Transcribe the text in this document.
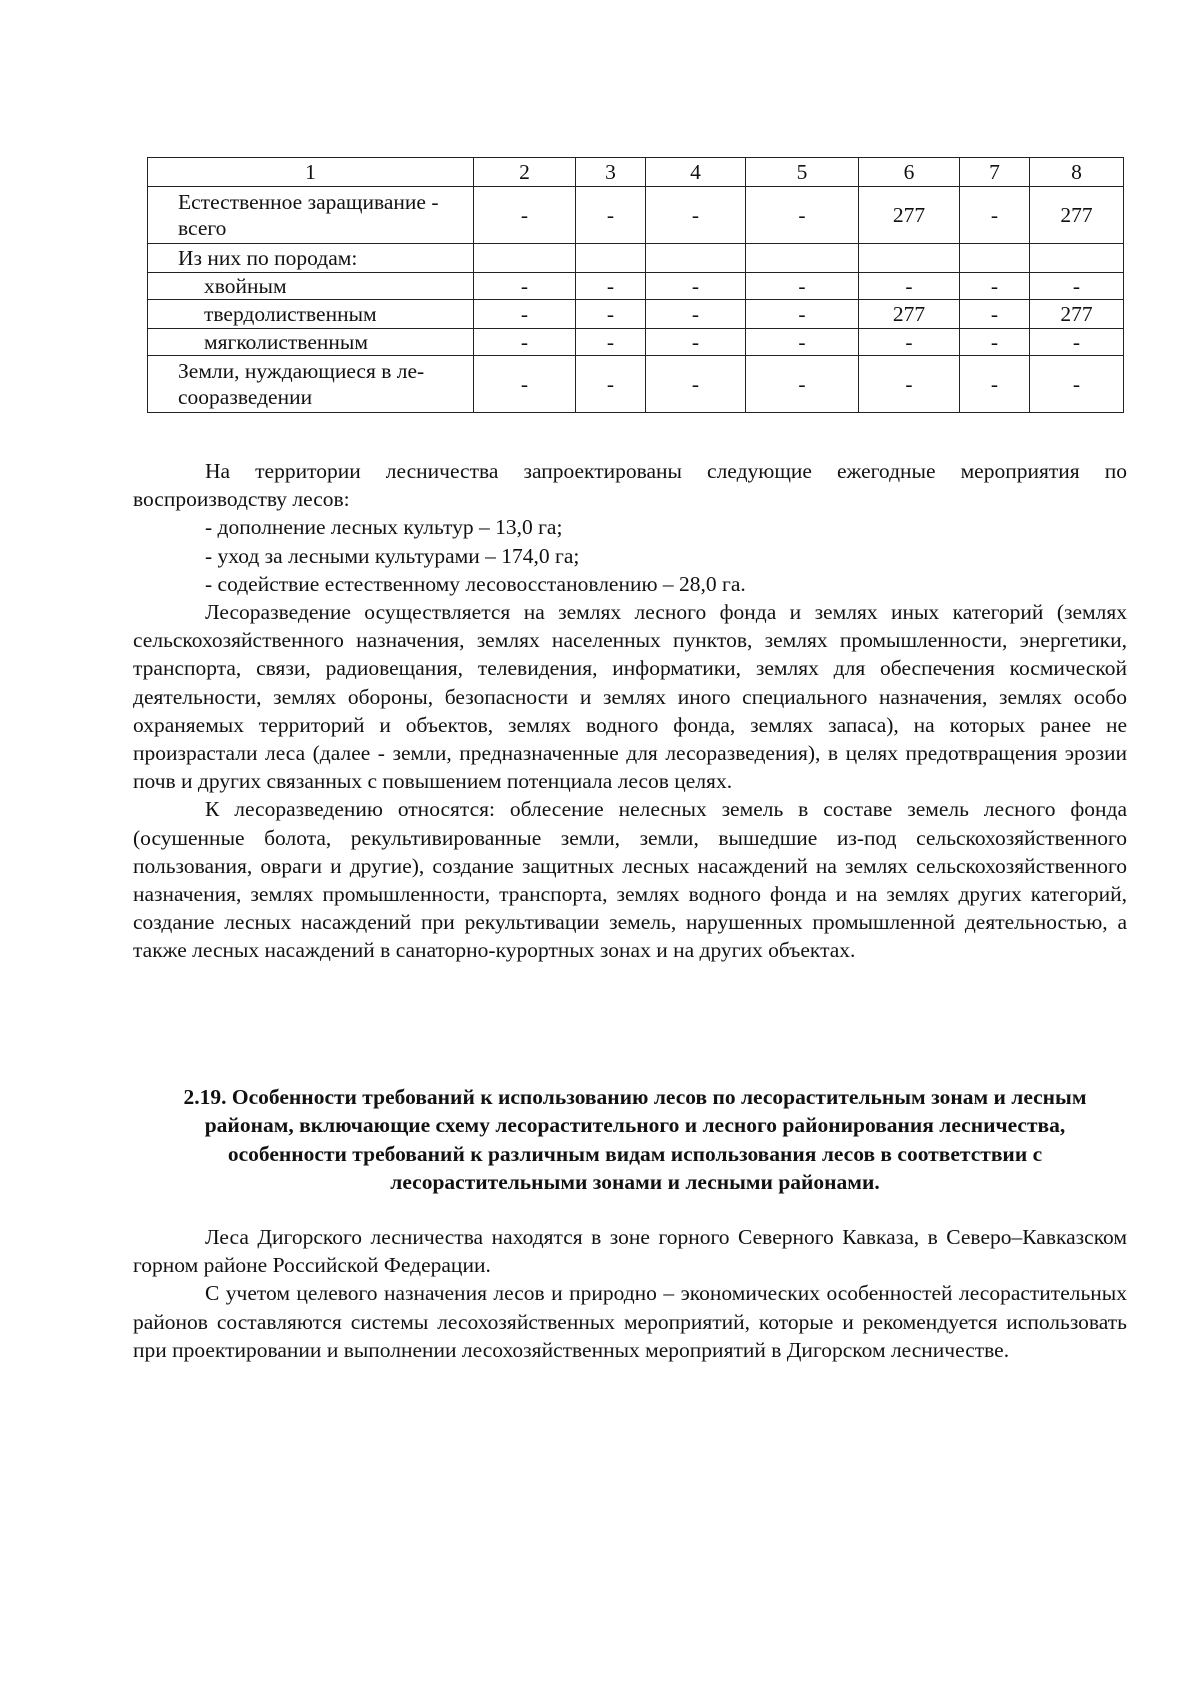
1	2	3	4	5	6	7	8
Естественное заращивание - всего	-	-	-	-	277	-	277
Из них по породам:							
хвойным	-	-	-	-	-	-	-
твердолиственным	-	-	-	-	277	-	277
мягколиственным	-	-	-	-	-	-	-
Земли, нуждающиеся в ле-сооразведении	-	-	-	-	-	-	-

На территории лесничества запроектированы следующие ежегодные мероприятия по воспроизводству лесов:

- дополнение лесных культур – 13,0 га;

- уход за лесными культурами – 174,0 га;

- содействие естественному лесовосстановлению – 28,0 га.

Лесоразведение осуществляется на землях лесного фонда и землях иных категорий (землях сельскохозяйственного назначения, землях населенных пунктов, землях промышленности, энергетики, транспорта, связи, радиовещания, телевидения, информатики, землях для обеспечения космической деятельности, землях обороны, безопасности и землях иного специального назначения, землях особо охраняемых территорий и объектов, землях водного фонда, землях запаса), на которых ранее не произрастали леса (далее - земли, предназначенные для лесоразведения), в целях предотвращения эрозии почв и других связанных с повышением потенциала лесов целях.

К лесоразведению относятся: облесение нелесных земель в составе земель лесного фонда (осушенные болота, рекультивированные земли, земли, вышедшие из-под сельскохозяйственного пользования, овраги и другие), создание защитных лесных насаждений на землях сельскохозяйственного назначения, землях промышленности, транспорта, землях водного фонда и на землях других категорий, создание лесных насаждений при рекультивации земель, нарушенных промышленной деятельностью, а также лесных насаждений в санаторно-курортных зонах и на других объектах.

2.19. Особенности требований к использованию лесов по лесорастительным зонам и лесным районам, включающие схему лесорастительного и лесного районирования лесничества, особенности требований к различным видам использования лесов в соответствии с лесорастительными зонами и лесными районами.

Леса Дигорского лесничества находятся в зоне горного Северного Кавказа, в Северо–Кавказском горном районе Российской Федерации.

С учетом целевого назначения лесов и природно – экономических особенностей лесорастительных районов составляются системы лесохозяйственных мероприятий, которые и рекомендуется использовать при проектировании и выполнении лесохозяйственных мероприятий в Дигорском лесничестве.
